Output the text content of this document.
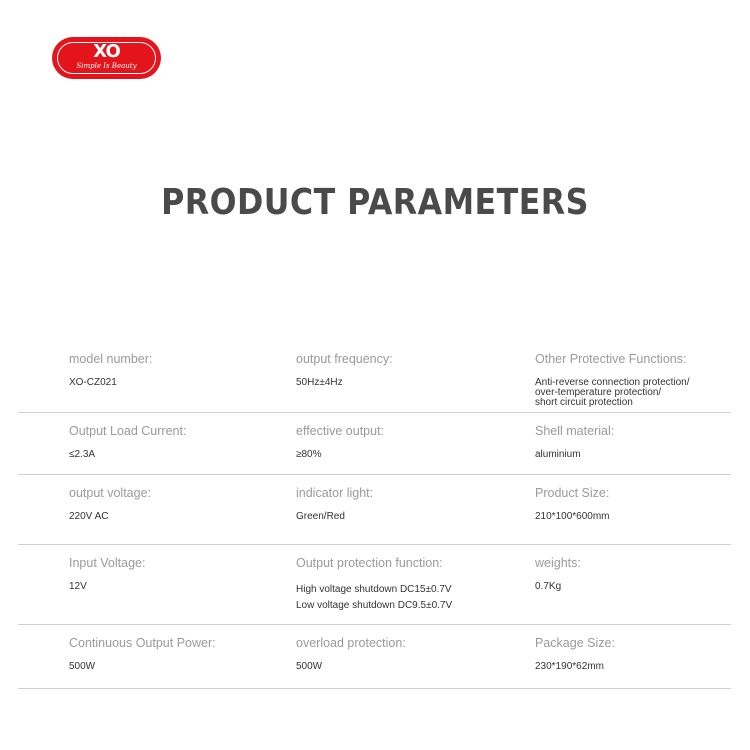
XO
Simple Is Beauty
PRODUCT PARAMETERS
model number:
XO-CZ021
output frequency:
50Hz±4Hz
Other Protective Functions:
Anti-reverse connection protection/
over-temperature protection/
short circuit protection
Output Load Current:
≤2.3A
effective output:
≥80%
Shell material:
aluminium
output voltage:
220V AC
indicator light:
Green/Red
Product Size:
210*100*600mm
Input Voltage:
12V
Output protection function:
High voltage shutdown DC15±0.7V
Low voltage shutdown DC9.5±0.7V
weights:
0.7Kg
Continuous Output Power:
500W
overload protection:
500W
Package Size:
230*190*62mm
